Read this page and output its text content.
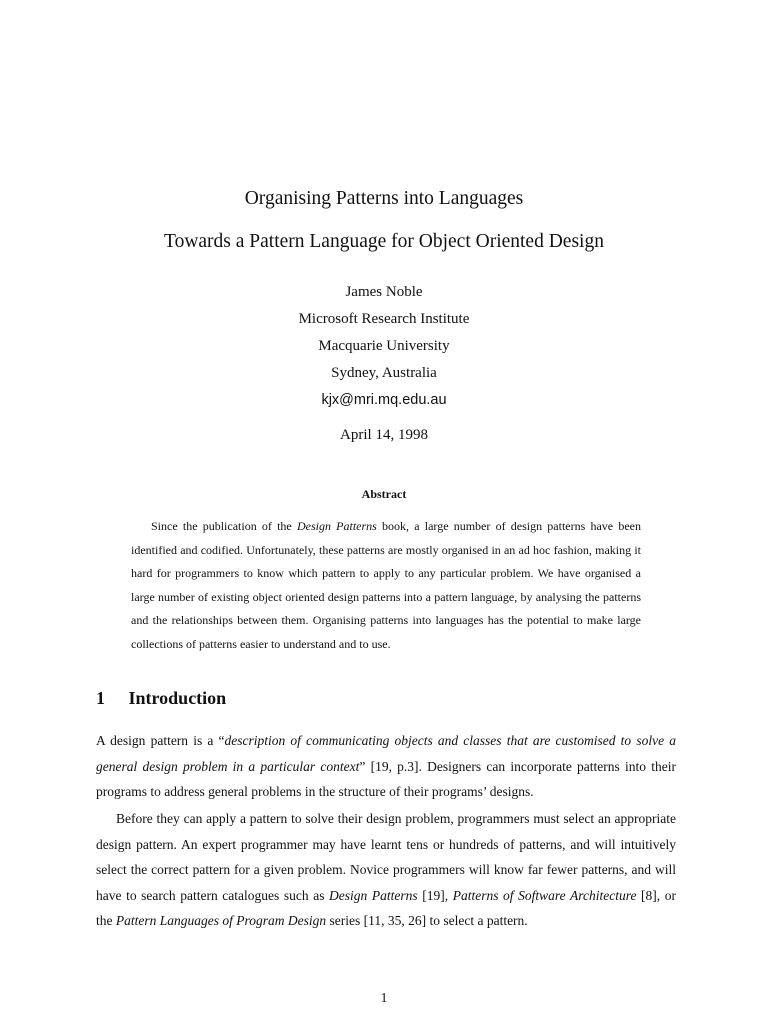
Organising Patterns into Languages
Towards a Pattern Language for Object Oriented Design
James Noble
Microsoft Research Institute
Macquarie University
Sydney, Australia
kjx@mri.mq.edu.au
April 14, 1998
Abstract
Since the publication of the Design Patterns book, a large number of design patterns have been identified and codified. Unfortunately, these patterns are mostly organised in an ad hoc fashion, making it hard for programmers to know which pattern to apply to any particular problem. We have organised a large number of existing object oriented design patterns into a pattern language, by analysing the patterns and the relationships between them. Organising patterns into languages has the potential to make large collections of patterns easier to understand and to use.
1 Introduction
A design pattern is a “description of communicating objects and classes that are customised to solve a general design problem in a particular context” [19, p.3]. Designers can incorporate patterns into their programs to address general problems in the structure of their programs’ designs.
Before they can apply a pattern to solve their design problem, programmers must select an appropriate design pattern. An expert programmer may have learnt tens or hundreds of patterns, and will intuitively select the correct pattern for a given problem. Novice programmers will know far fewer patterns, and will have to search pattern catalogues such as Design Patterns [19], Patterns of Software Architecture [8], or the Pattern Languages of Program Design series [11, 35, 26] to select a pattern.
1
